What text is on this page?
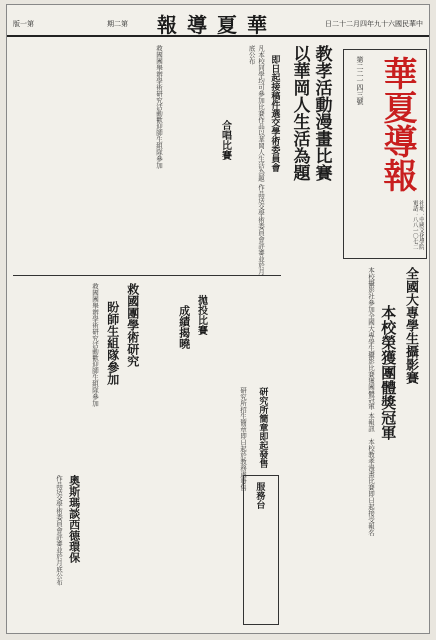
版一第	期二第 報導夏華	日二十二月四年九十六國民華中
華夏導報
第二二一四三號
社址：中國文化學院 電話：八八一〇七二
全國大專學生攝影賽
本校榮獲團體獎冠軍
本校攝影社參加全國大專學生攝影比賽獲團體冠軍 本報訊　本校教孝漫畫比賽即日起接受報名
教孝活動漫畫比賽
以華岡人生活為題
即日起接稿件選交學術委員會
凡本校同學均可參加比賽作品以華岡人生活為題 作品送交學術委員會評審並於月底公布
合唱比賽
救國團舉辦學術研究活動歡迎師生組隊參加
救國團學術研究
盼師生組隊參加
救國團舉辦學術研究活動歡迎師生組隊參加	拋投比賽
成績揭曉
研究所簡章即起發售
研究所招生簡章即日起於教務處發售
服務台
奧斯瑪談西德環保
作品送交學術委員會評審並於月底公布
